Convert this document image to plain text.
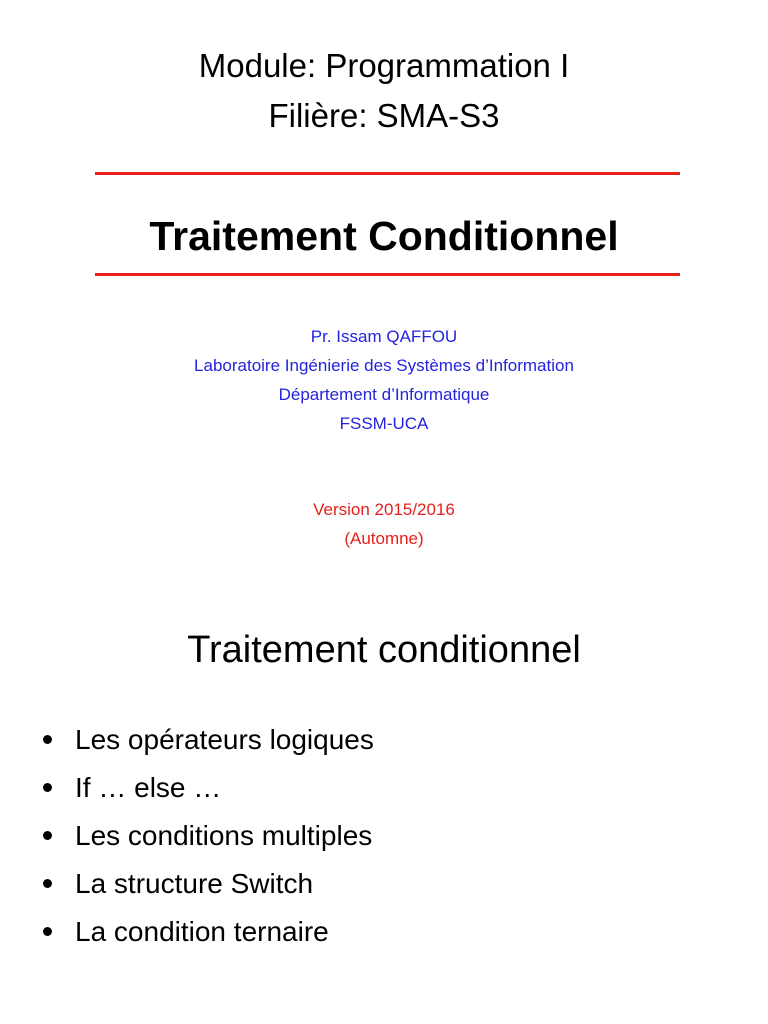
Module: Programmation I
Filière: SMA-S3
Traitement Conditionnel
Pr. Issam QAFFOU
Laboratoire Ingénierie des Systèmes d’Information
Département d’Informatique
FSSM-UCA
Version 2015/2016
(Automne)
Traitement conditionnel
Les opérateurs logiques
If … else …
Les conditions multiples
La structure Switch
La condition ternaire
